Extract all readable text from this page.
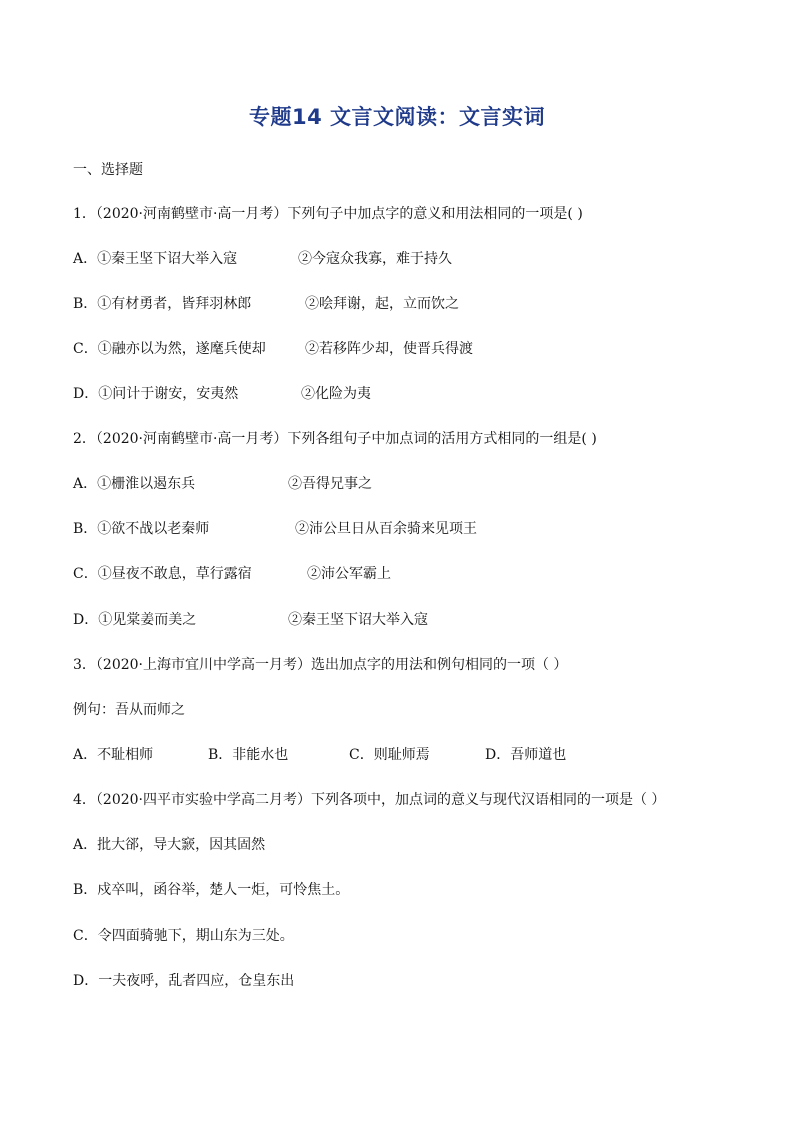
专题14 文言文阅读：文言实词
一、选择题
1．（2020·河南鹤壁市·高一月考）下列句子中加点字的意义和用法相同的一项是( )
A．①秦王坚下诏大举入寇	②今寇众我寡，难于持久
B．①有材勇者，皆拜羽林郎	②哙拜谢，起，立而饮之
C．①融亦以为然，遂麾兵使却	②若移阵少却，使晋兵得渡
D．①问计于谢安，安夷然	②化险为夷
2．（2020·河南鹤壁市·高一月考）下列各组句子中加点词的活用方式相同的一组是( )
A．①栅淮以遏东兵	②吾得兄事之
B．①欲不战以老秦师	②沛公旦日从百余骑来见项王
C．①昼夜不敢息，草行露宿	②沛公军霸上
D．①见棠姜而美之	②秦王坚下诏大举入寇
3．（2020·上海市宜川中学高一月考）选出加点字的用法和例句相同的一项（ ）
例句：吾从而师之
A．不耻相师	B．非能水也	C．则耻师焉	D．吾师道也
4．（2020·四平市实验中学高二月考）下列各项中，加点词的意义与现代汉语相同的一项是（ ）
A．批大郤，导大窾，因其固然
B．戍卒叫，函谷举，楚人一炬，可怜焦土。
C．令四面骑驰下，期山东为三处。
D．一夫夜呼，乱者四应，仓皇东出
